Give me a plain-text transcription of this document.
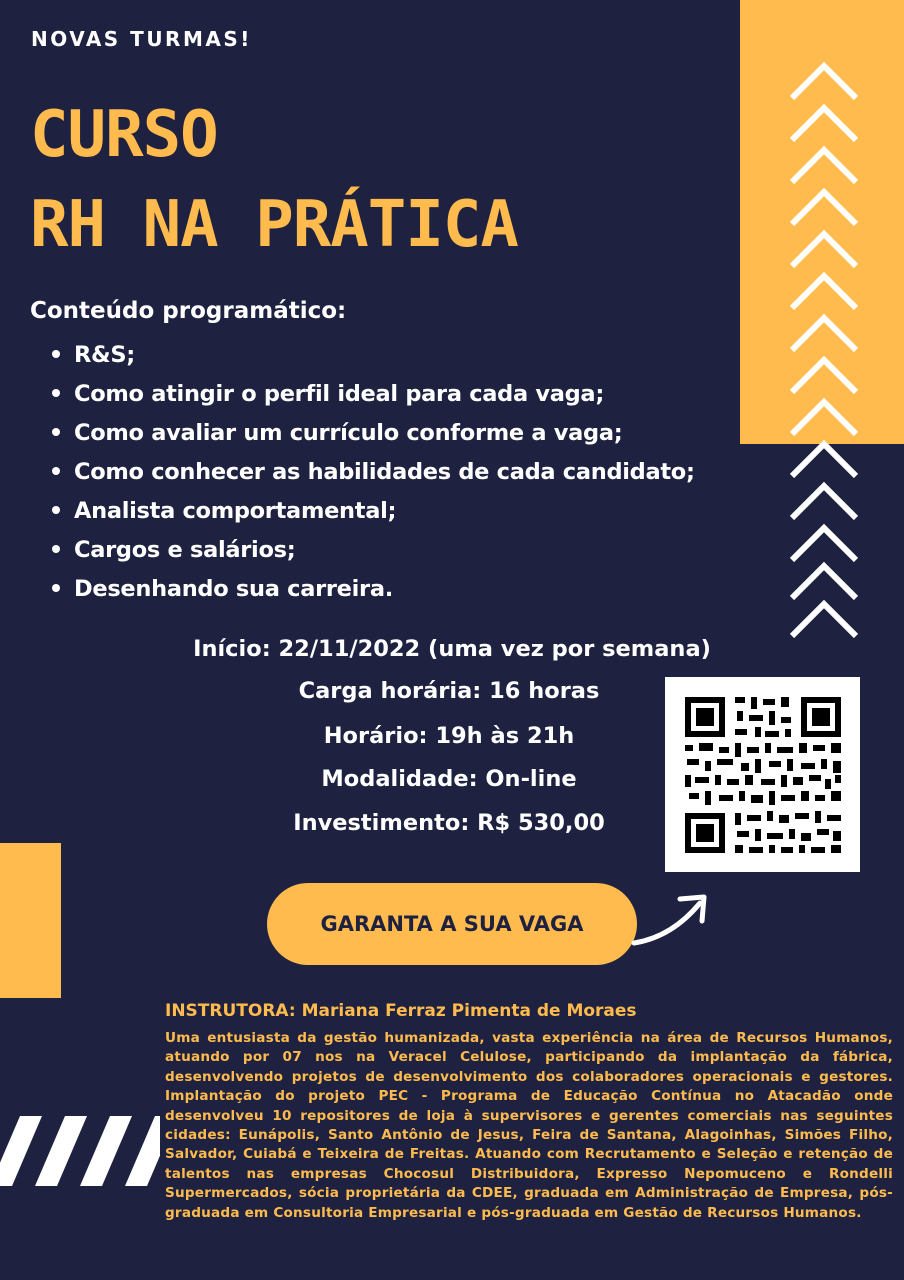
NOVAS TURMAS!
CURSO
RH NA PRÁTICA
Conteúdo programático:
R&S;
Como atingir o perfil ideal para cada vaga;
Como avaliar um currículo conforme a vaga;
Como conhecer as habilidades de cada candidato;
Analista comportamental;
Cargos e salários;
Desenhando sua carreira.
Início: 22/11/2022 (uma vez por semana)
Carga horária: 16 horas
Horário: 19h às 21h
Modalidade: On-line
Investimento: R$ 530,00
GARANTA A SUA VAGA
INSTRUTORA: Mariana Ferraz Pimenta de Moraes
Uma entusiasta da gestão humanizada, vasta experiência na área de Recursos Humanos, atuando por 07 nos na Veracel Celulose, participando da implantação da fábrica, desenvolvendo projetos de desenvolvimento dos colaboradores operacionais e gestores. Implantação do projeto PEC - Programa de Educação Contínua no Atacadão onde desenvolveu 10 repositores de loja à supervisores e gerentes comerciais nas seguintes cidades: Eunápolis, Santo Antônio de Jesus, Feira de Santana, Alagoinhas, Simões Filho, Salvador, Cuiabá e Teixeira de Freitas. Atuando com Recrutamento e Seleção e retenção de talentos nas empresas Chocosul Distribuidora, Expresso Nepomuceno e Rondelli Supermercados, sócia proprietária da CDEE, graduada em Administração de Empresa, pós-graduada em Consultoria Empresarial e pós-graduada em Gestão de Recursos Humanos.
